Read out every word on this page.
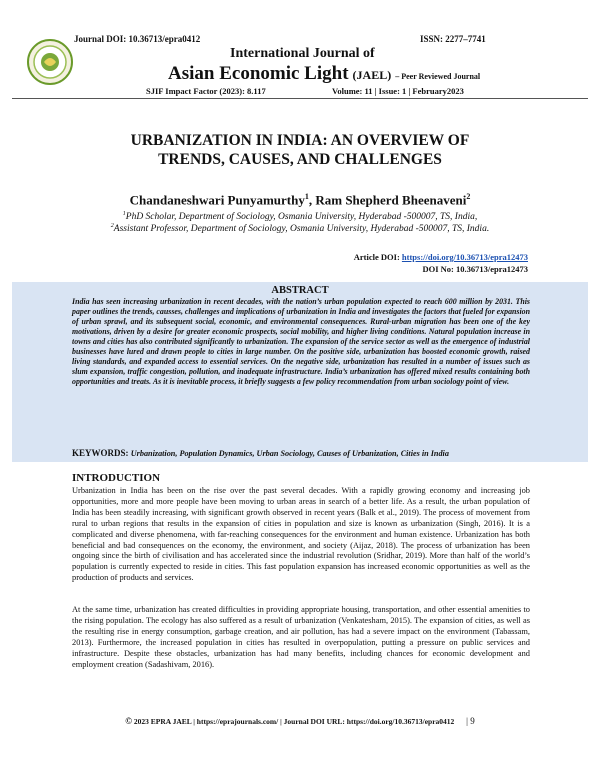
Journal DOI: 10.36713/epra0412	ISSN: 2277–7741
International Journal of
Asian Economic Light (JAEL) – Peer Reviewed Journal
SJIF Impact Factor (2023): 8.117	Volume: 11 | Issue: 1 | February2023
URBANIZATION IN INDIA: AN OVERVIEW OF
TRENDS, CAUSES, AND CHALLENGES
Chandaneshwari Punyamurthy$^1$, Ram Shepherd Bheenaveni$^2$
$^1$PhD Scholar, Department of Sociology, Osmania University, Hyderabad -500007, TS, India,
$^2$Assistant Professor, Department of Sociology, Osmania University, Hyderabad -500007, TS, India.
Article DOI: https://doi.org/10.36713/epra12473
DOI No: 10.36713/epra12473
ABSTRACT
India has seen increasing urbanization in recent decades, with the nation’s urban population expected to reach 600 million by 2031. This paper outlines the trends, causses, challenges and implications of urbanization in India and investigates the factors that fueled for expansion of urban sprawl, and its subsequent social, economic, and environmental consequences. Rural-urban migration has been one of the key motivations, driven by a desire for greater economic prospects, social mobility, and higher living conditions. Natural population increase in towns and cities has also contributed significantly to urbanization. The expansion of the service sector as well as the emergence of industrial businesses have lured and drawn people to cities in large number. On the positive side, urbanization has boosted economic growth, raised living standards, and expanded access to essential services. On the negative side, urbanization has resulted in a number of issues such as slum expansion, traffic congestion, pollution, and inadequate infrastructure. India’s urbanization has offered mixed results containing both opportunities and treats. As it is inevitable process, it briefly suggests a few policy recommendation from urban sociology point of view.
KEYWORDS: Urbanization, Population Dynamics, Urban Sociology, Causes of Urbanization, Cities in India
INTRODUCTION
Urbanization in India has been on the rise over the past several decades. With a rapidly growing economy and increasing job opportunities, more and more people have been moving to urban areas in search of a better life. As a result, the urban population of India has been steadily increasing, with significant growth observed in recent years (Balk et al., 2019). The process of movement from rural to urban regions that results in the expansion of cities in population and size is known as urbanization (Singh, 2016). It is a complicated and diverse phenomena, with far-reaching consequences for the environment and human existence. Urbanization has both beneficial and bad consequences on the economy, the environment, and society (Aijaz, 2018). The process of urbanization has been ongoing since the birth of civilisation and has accelerated since the industrial revolution (Sridhar, 2019). More than half of the world’s population is currently expected to reside in cities. This fast population expansion has increased economic opportunities as well as the production of products and services.
At the same time, urbanization has created difficulties in providing appropriate housing, transportation, and other essential amenities to the rising population. The ecology has also suffered as a result of urbanization (Venkatesham, 2015). The expansion of cities, as well as the resulting rise in energy consumption, garbage creation, and air pollution, has had a severe impact on the environment (Tabassam, 2013). Furthermore, the increased population in cities has resulted in overpopulation, putting a pressure on public services and infrastructure. Despite these obstacles, urbanization has had many benefits, including chances for economic development and employment creation (Sadashivam, 2016).
© 2023 EPRA JAEL | https://eprajournals.com/ | Journal DOI URL: https://doi.org/10.36713/epra0412 | 9
